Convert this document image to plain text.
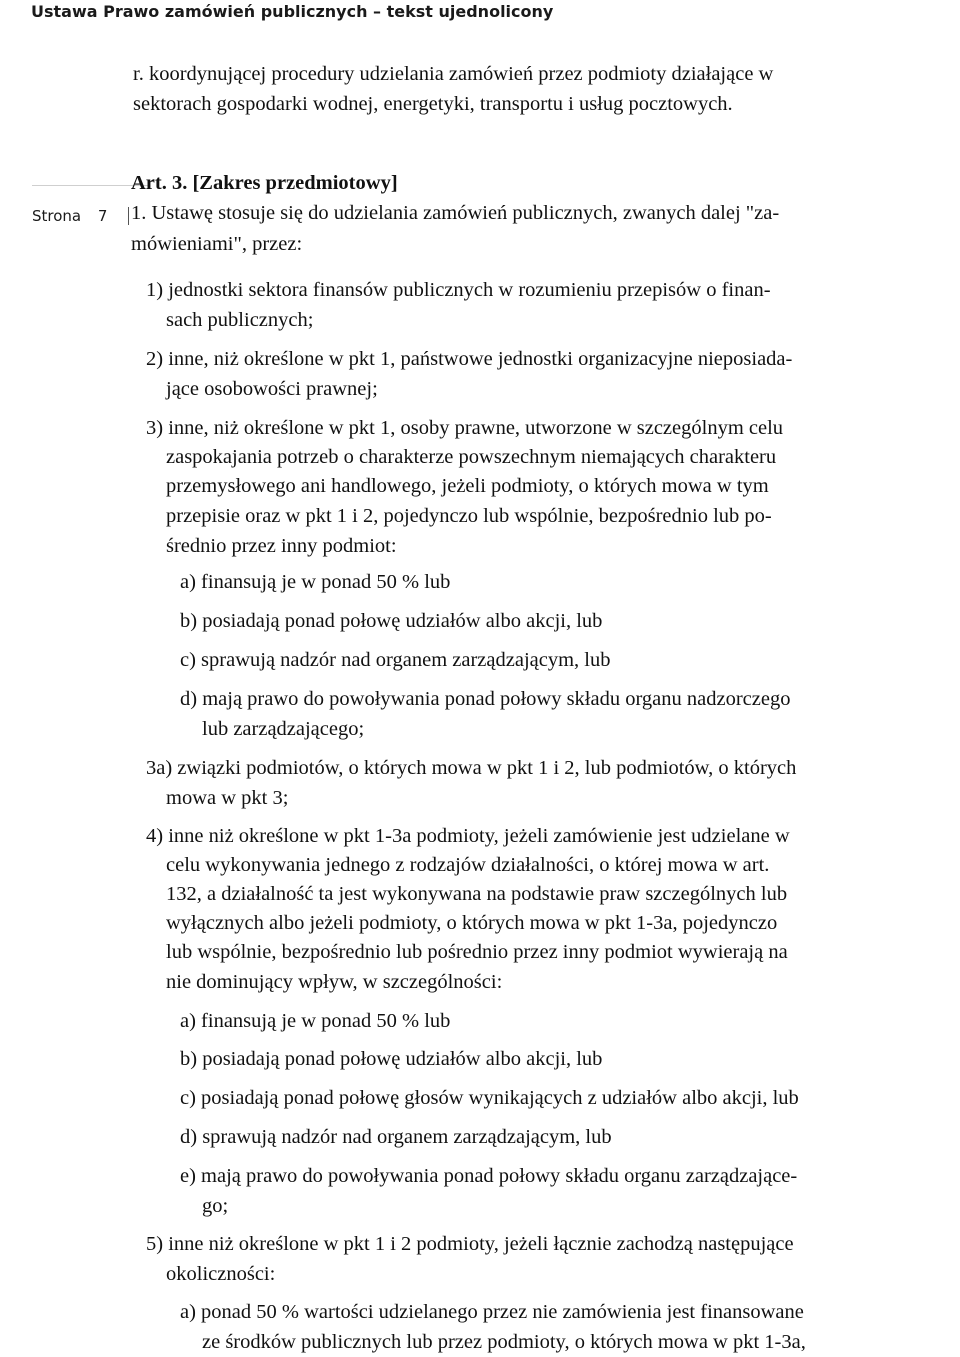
Ustawa Prawo zamówień publicznych – tekst ujednolicony
Strona 7
r. koordynującej procedury udzielania zamówień przez podmioty działające w
sektorach gospodarki wodnej, energetyki, transportu i usług pocztowych.
Art. 3. [Zakres przedmiotowy]
1. Ustawę stosuje się do udzielania zamówień publicznych, zwanych dalej "za-
mówieniami", przez:
1) jednostki sektora finansów publicznych w rozumieniu przepisów o finan-
sach publicznych;
2) inne, niż określone w pkt 1, państwowe jednostki organizacyjne nieposiada-
jące osobowości prawnej;
3) inne, niż określone w pkt 1, osoby prawne, utworzone w szczególnym celu
zaspokajania potrzeb o charakterze powszechnym niemających charakteru
przemysłowego ani handlowego, jeżeli podmioty, o których mowa w tym
przepisie oraz w pkt 1 i 2, pojedynczo lub wspólnie, bezpośrednio lub po-
średnio przez inny podmiot:
a) finansują je w ponad 50 % lub
b) posiadają ponad połowę udziałów albo akcji, lub
c) sprawują nadzór nad organem zarządzającym, lub
d) mają prawo do powoływania ponad połowy składu organu nadzorczego
lub zarządzającego;
3a) związki podmiotów, o których mowa w pkt 1 i 2, lub podmiotów, o których
mowa w pkt 3;
4) inne niż określone w pkt 1-3a podmioty, jeżeli zamówienie jest udzielane w
celu wykonywania jednego z rodzajów działalności, o której mowa w art.
132, a działalność ta jest wykonywana na podstawie praw szczególnych lub
wyłącznych albo jeżeli podmioty, o których mowa w pkt 1-3a, pojedynczo
lub wspólnie, bezpośrednio lub pośrednio przez inny podmiot wywierają na
nie dominujący wpływ, w szczególności:
a) finansują je w ponad 50 % lub
b) posiadają ponad połowę udziałów albo akcji, lub
c) posiadają ponad połowę głosów wynikających z udziałów albo akcji, lub
d) sprawują nadzór nad organem zarządzającym, lub
e) mają prawo do powoływania ponad połowy składu organu zarządzające-
go;
5) inne niż określone w pkt 1 i 2 podmioty, jeżeli łącznie zachodzą następujące
okoliczności:
a) ponad 50 % wartości udzielanego przez nie zamówienia jest finansowane
ze środków publicznych lub przez podmioty, o których mowa w pkt 1-3a,
